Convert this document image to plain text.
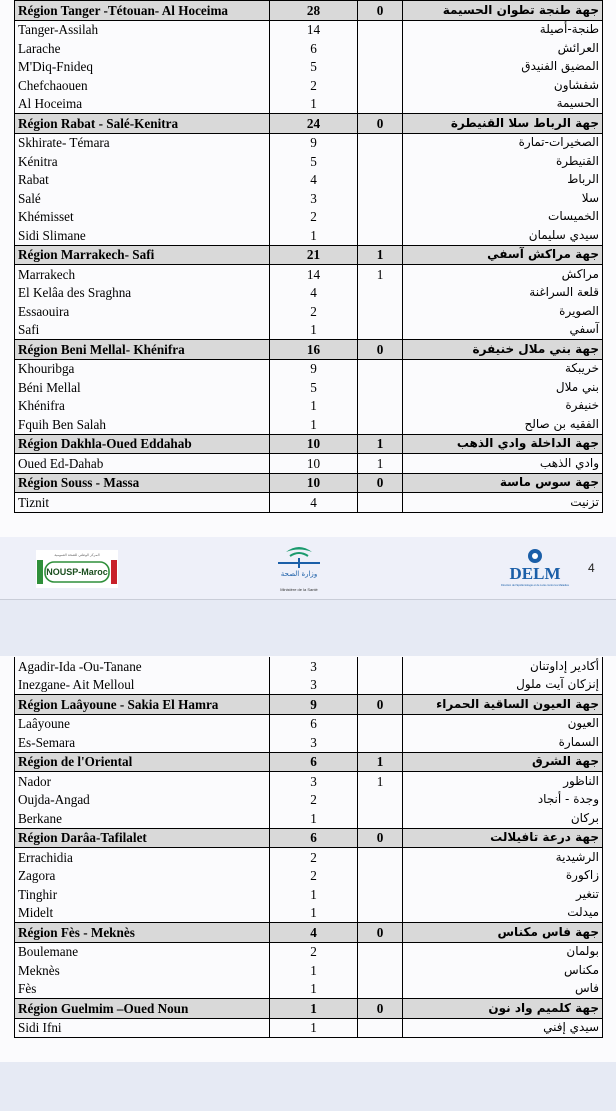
Région Tanger -Tétouan- Al Hoceima	28	0	جهة طنجة تطوان الحسيمة
Tanger-Assilah	14		طنجة-أصيلة
Larache	6		العرائش
M'Diq-Fnideq	5		المضيق الفنيدق
Chefchaouen	2		شفشاون
Al Hoceima	1		الحسيمة
Région Rabat - Salé-Kenitra	24	0	جهة الرباط سلا القنيطرة
Skhirate- Témara	9		الصخيرات-تمارة
Kénitra	5		القنيطرة
Rabat	4		الرباط
Salé	3		سلا
Khémisset	2		الخميسات
Sidi Slimane	1		سيدي سليمان
Région Marrakech- Safi	21	1	جهة مراكش آسفي
Marrakech	14	1	مراكش
El Kelâa des Sraghna	4		قلعة السراغنة
Essaouira	2		الصويرة
Safi	1		آسفي
Région Beni Mellal- Khénifra	16	0	جهة بني ملال خنيفرة
Khouribga	9		خريبكة
Béni Mellal	5		بني ملال
Khénifra	1		خنيفرة
Fquih Ben Salah	1		الفقيه بن صالح
Région Dakhla-Oued Eddahab	10	1	جهة الداخلة وادي الذهب
Oued Ed-Dahab	10	1	وادي الذهب
Région Souss - Massa	10	0	جهة سوس ماسة
Tiznit	4		تزنيت
المركز الوطني للصحة العمومية
NOUSP-Maroc	وزارة الصحة
Ministère de la Santé
DELM
Direction de l'Epidémiologie et de Lutte contre les Maladies
4
Agadir-Ida -Ou-Tanane	3		أكادير إداوتنان
Inezgane- Ait Melloul	3		إنزكان آيت ملول
Région Laâyoune - Sakia El Hamra	9	0	جهة العيون الساقية الحمراء
Laâyoune	6		العيون
Es-Semara	3		السمارة
Région de l'Oriental	6	1	جهة الشرق
Nador	3	1	الناظور
Oujda-Angad	2		وجدة - أنجاد
Berkane	1		بركان
Région Darâa-Tafilalet	6	0	جهة درعة تافيلالت
Errachidia	2		الرشيدية
Zagora	2		زاكورة
Tinghir	1		تنغير
Midelt	1		ميدلت
Région Fès - Meknès	4	0	جهة فاس مكناس
Boulemane	2		بولمان
Meknès	1		مكناس
Fès	1		فاس
Région Guelmim –Oued Noun	1	0	جهة كلميم واد نون
Sidi Ifni	1		سيدي إفني
